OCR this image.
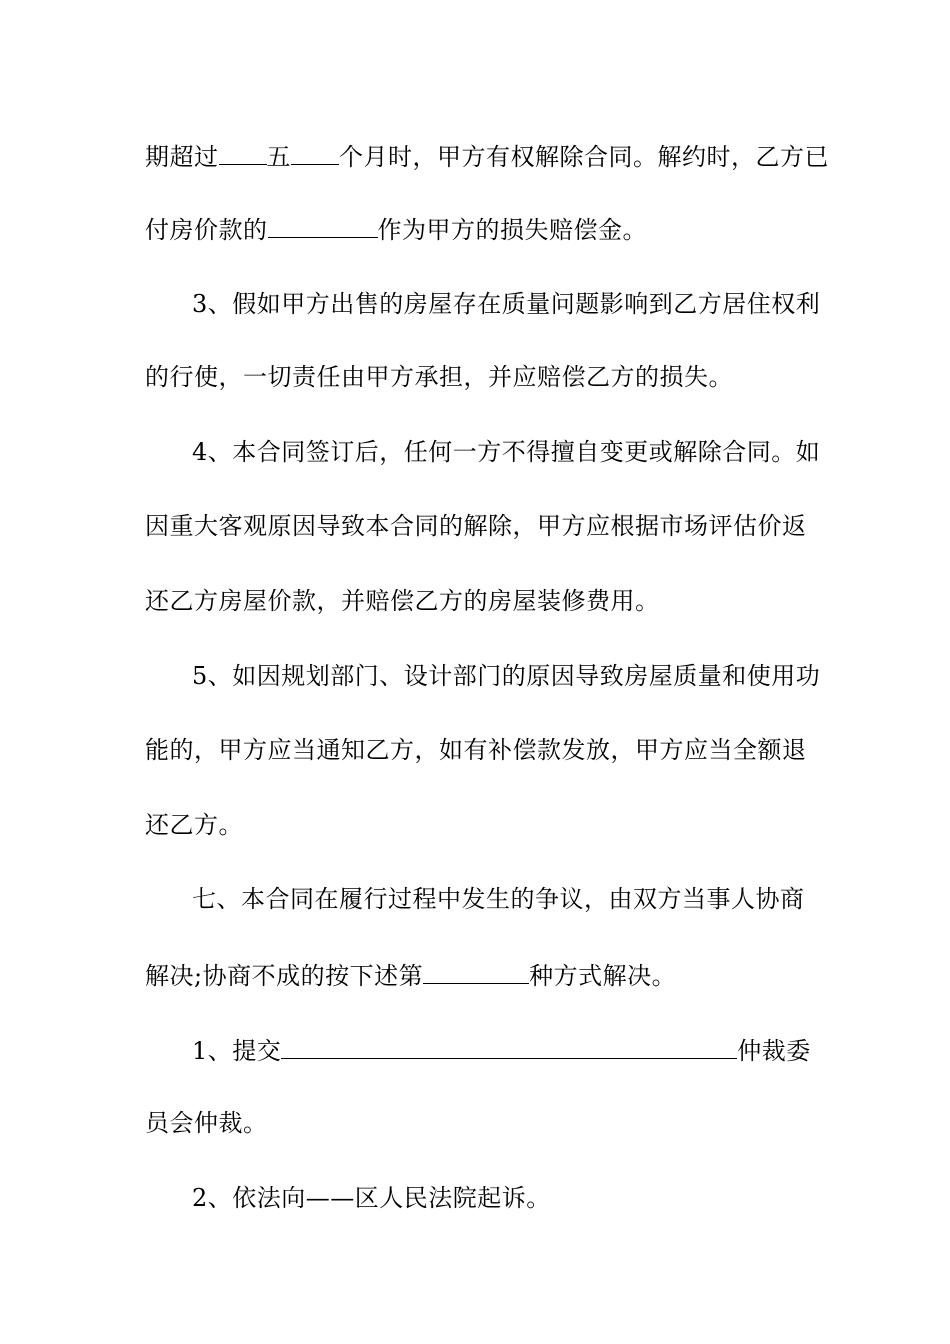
期超过 五 个月时，甲方有权解除合同。解约时，乙方已
付房价款的	作为甲方的损失赔偿金。
3、假如甲方出售的房屋存在质量问题影响到乙方居住权利
的行使，一切责任由甲方承担，并应赔偿乙方的损失。
4、本合同签订后，任何一方不得擅自变更或解除合同。如
因重大客观原因导致本合同的解除，甲方应根据市场评估价返
还乙方房屋价款，并赔偿乙方的房屋装修费用。
5、如因规划部门、设计部门的原因导致房屋质量和使用功
能的，甲方应当通知乙方，如有补偿款发放，甲方应当全额退
还乙方。
七、本合同在履行过程中发生的争议，由双方当事人协商
解决;协商不成的按下述第	种方式解决。
1、提交	仲裁委
员会仲裁。
2、依法向——区人民法院起诉。
